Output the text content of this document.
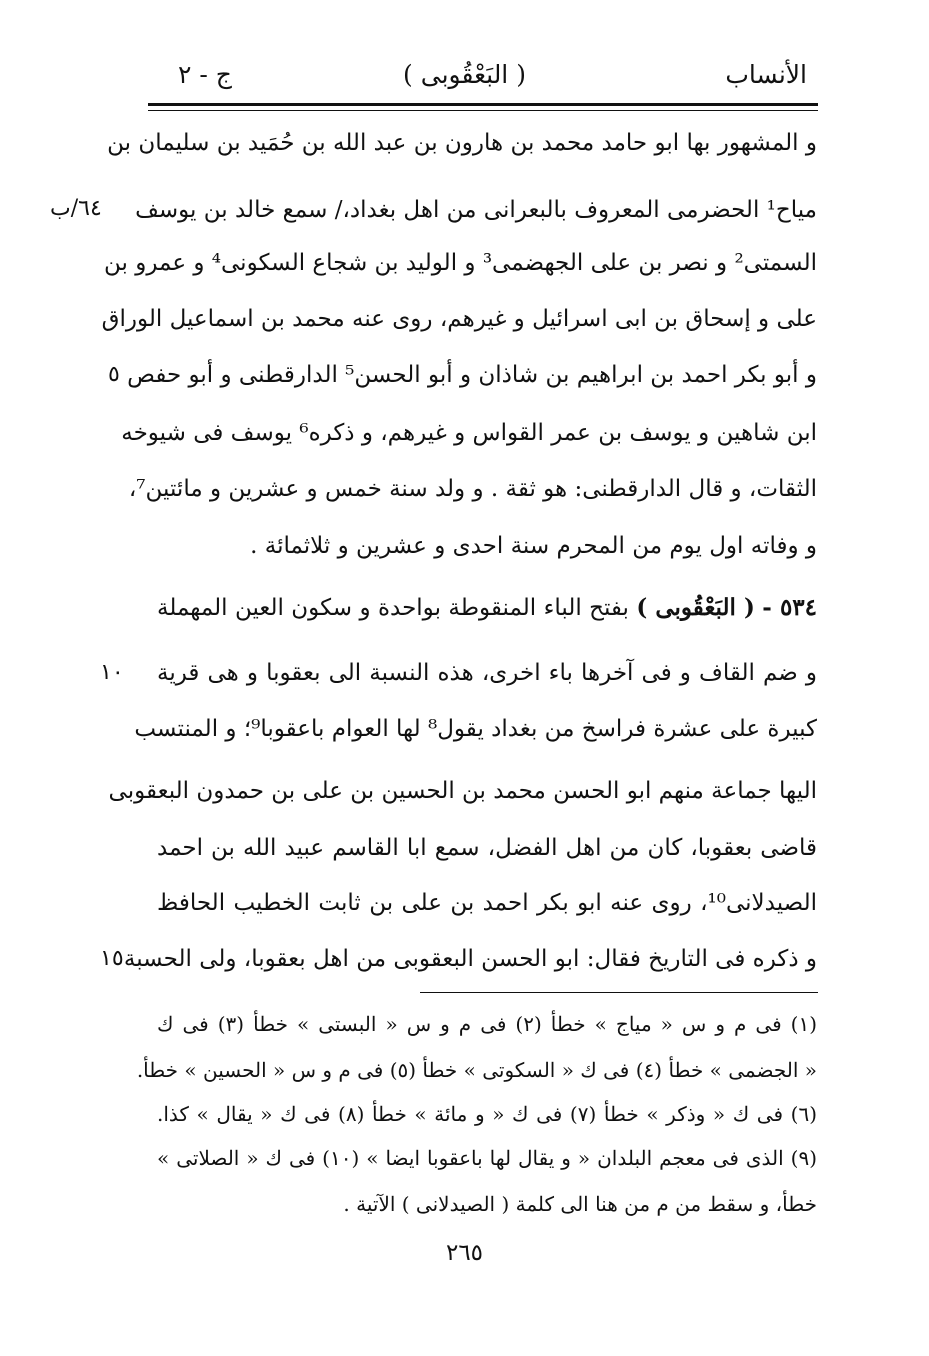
الأنساب
( البَعْقُوبى )
ج - ٢
و المشهور بها ابو حامد محمد بن هارون بن عبد الله بن حُمَيد بن سليمان بن
مياح¹ الحضرمى المعروف بالبعرانى من اهل بغداد،/ سمع خالد بن يوسف
٦٤/ب
السمتى² و نصر بن على الجهضمى³ و الوليد بن شجاع السكونى⁴ و عمرو بن
على و إسحاق بن ابى اسرائيل و غيرهم، روى عنه محمد بن اسماعيل الوراق
و أبو بكر احمد بن ابراهيم بن شاذان و أبو الحسن⁵ الدارقطنى و أبو حفص
٥
ابن شاهين و يوسف بن عمر القواس و غيرهم، و ذكره⁶ يوسف فى شيوخه
الثقات، و قال الدارقطنى: هو ثقة . و ولد سنة خمس و عشرين و مائتين⁷،
و وفاته اول يوم من المحرم سنة احدى و عشرين و ثلاثمائة .
٥٣٤ - ( البَعْقُوبى ) بفتح الباء المنقوطة بواحدة و سكون العين المهملة
و ضم القاف و فى آخرها باء اخرى، هذه النسبة الى بعقوبا و هى قرية
١٠
كبيرة على عشرة فراسخ من بغداد يقول⁸ لها العوام باعقوبا⁹؛ و المنتسب
اليها جماعة منهم ابو الحسن محمد بن الحسين بن على بن حمدون البعقوبى
قاضى بعقوبا، كان من اهل الفضل، سمع ابا القاسم عبيد الله بن احمد
الصيدلانى¹⁰، روى عنه ابو بكر احمد بن على بن ثابت الخطيب الحافظ
و ذكره فى التاريخ فقال: ابو الحسن البعقوبى من اهل بعقوبا، ولى الحسبة
١٥
(١) فى م و س « مياج » خطأ (٢) فى م و س « البستى » خطأ (٣) فى ك
« الجضمى » خطأ (٤) فى ك « السكوتى » خطأ (٥) فى م و س « الحسين » خطأ.
(٦) فى ك « وذكر » خطأ (٧) فى ك « و مائة » خطأ (٨) فى ك « يقال » كذا.
(٩) الذى فى معجم البلدان « و يقال لها باعقوبا ايضا » (١٠) فى ك « الصلاتى »
خطأ، و سقط من م من هنا الى كلمة ( الصيدلانى ) الآتية .
٢٦٥
